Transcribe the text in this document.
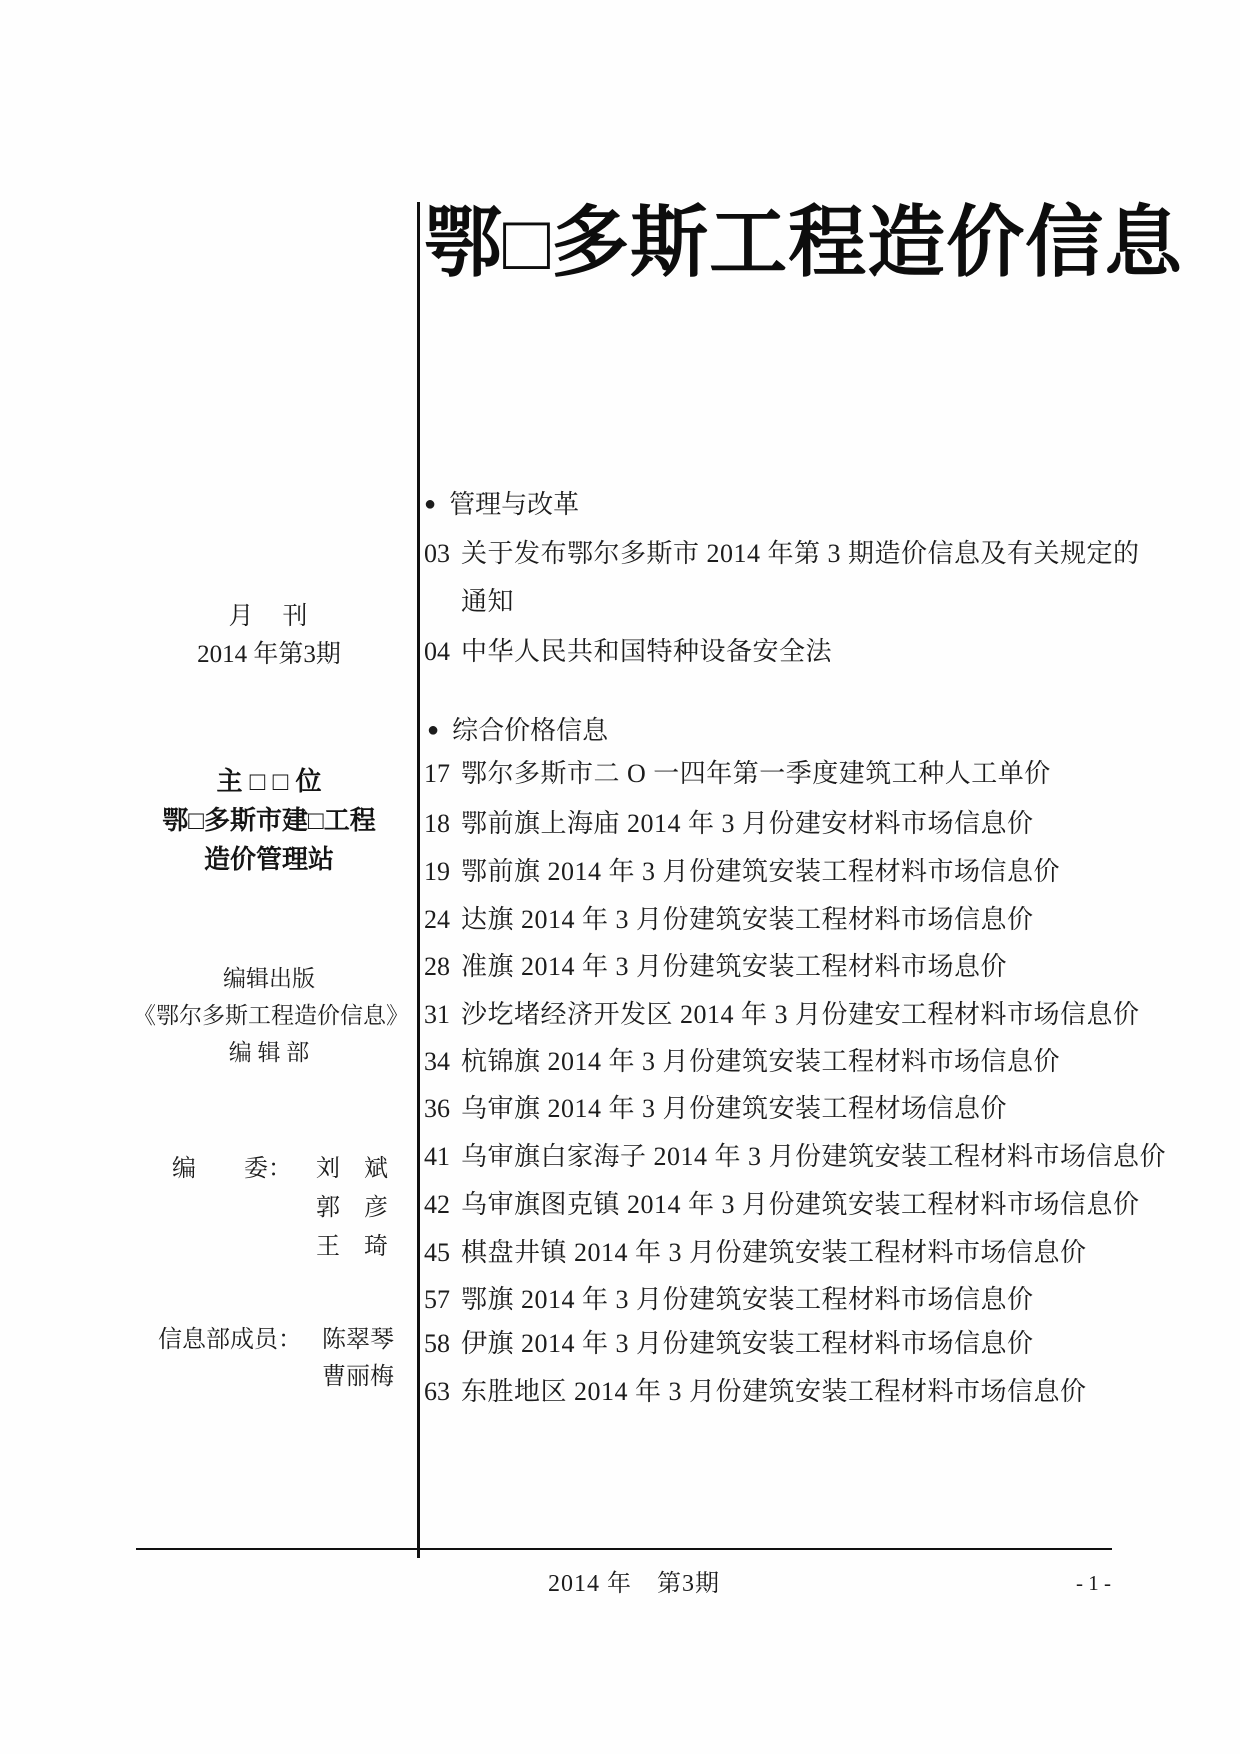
鄂□多斯工程造价信息
月　刊
2014 年第3期
主 □ □ 位
鄂□多斯市建□工程
造价管理站
编辑出版
《鄂尔多斯工程造价信息》
编 辑 部
编　　委： 刘　斌
郭　彦
王　琦
信息部成员： 陈翠琴
曹丽梅
● 管理与改革
03 关于发布鄂尔多斯市 2014 年第 3 期造价信息及有关规定的
通知
04 中华人民共和国特种设备安全法
● 综合价格信息
17 鄂尔多斯市二 O 一四年第一季度建筑工种人工单价
18 鄂前旗上海庙 2014 年 3 月份建安材料市场信息价
19 鄂前旗 2014 年 3 月份建筑安装工程材料市场信息价
24 达旗 2014 年 3 月份建筑安装工程材料市场信息价
28 准旗 2014 年 3 月份建筑安装工程材料市场息价
31 沙圪堵经济开发区 2014 年 3 月份建安工程材料市场信息价
34 杭锦旗 2014 年 3 月份建筑安装工程材料市场信息价
36 乌审旗 2014 年 3 月份建筑安装工程材场信息价
41 乌审旗白家海子 2014 年 3 月份建筑安装工程材料市场信息价
42 乌审旗图克镇 2014 年 3 月份建筑安装工程材料市场信息价
45 棋盘井镇 2014 年 3 月份建筑安装工程材料市场信息价
57 鄂旗 2014 年 3 月份建筑安装工程材料市场信息价
58 伊旗 2014 年 3 月份建筑安装工程材料市场信息价
63 东胜地区 2014 年 3 月份建筑安装工程材料市场信息价
2014 年　第3期	- 1 -
